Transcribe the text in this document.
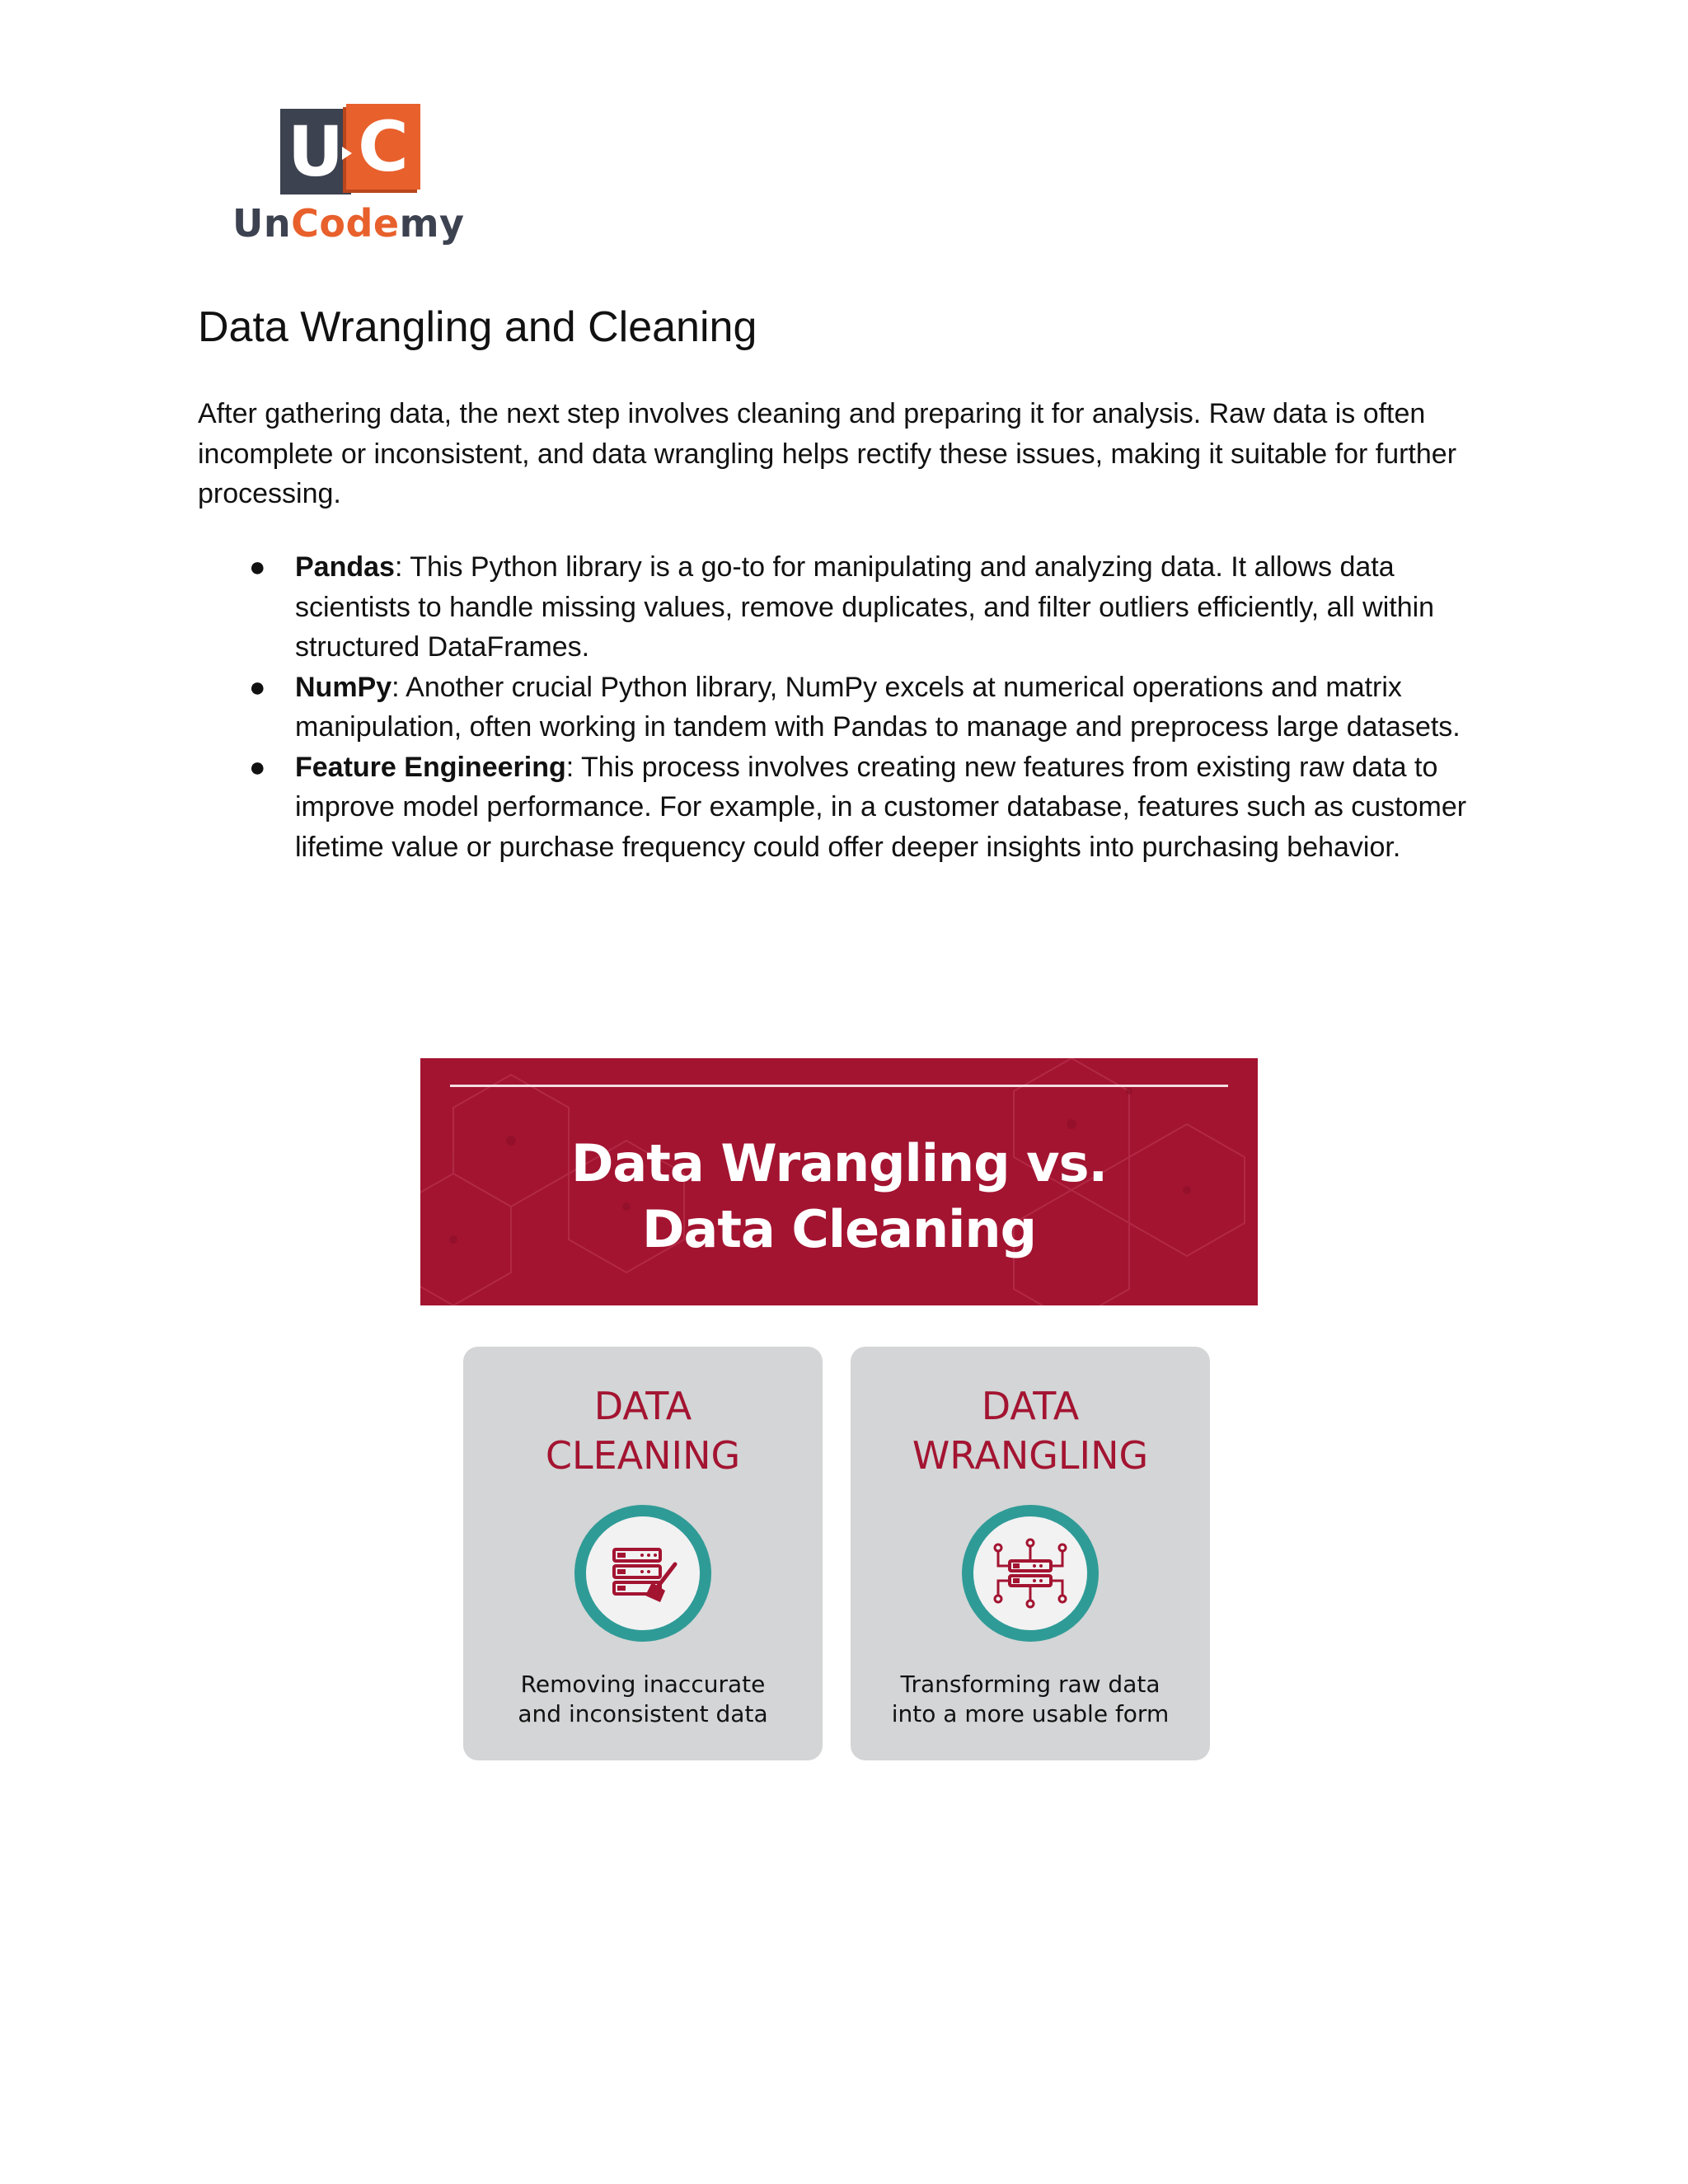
U C
UnCodemy
Data Wrangling and Cleaning

After gathering data, the next step involves cleaning and preparing it for analysis. Raw data is often incomplete or inconsistent, and data wrangling helps rectify these issues, making it suitable for further processing.

● Pandas: This Python library is a go-to for manipulating and analyzing data. It allows data scientists to handle missing values, remove duplicates, and filter outliers efficiently, all within structured DataFrames.
● NumPy: Another crucial Python library, NumPy excels at numerical operations and matrix manipulation, often working in tandem with Pandas to manage and preprocess large datasets.
● Feature Engineering: This process involves creating new features from existing raw data to improve model performance. For example, in a customer database, features such as customer lifetime value or purchase frequency could offer deeper insights into purchasing behavior.
Data Wrangling vs.
Data Cleaning
DATA
CLEANING
Removing inaccurate
and inconsistent data
DATA
WRANGLING
Transforming raw data
into a more usable form
